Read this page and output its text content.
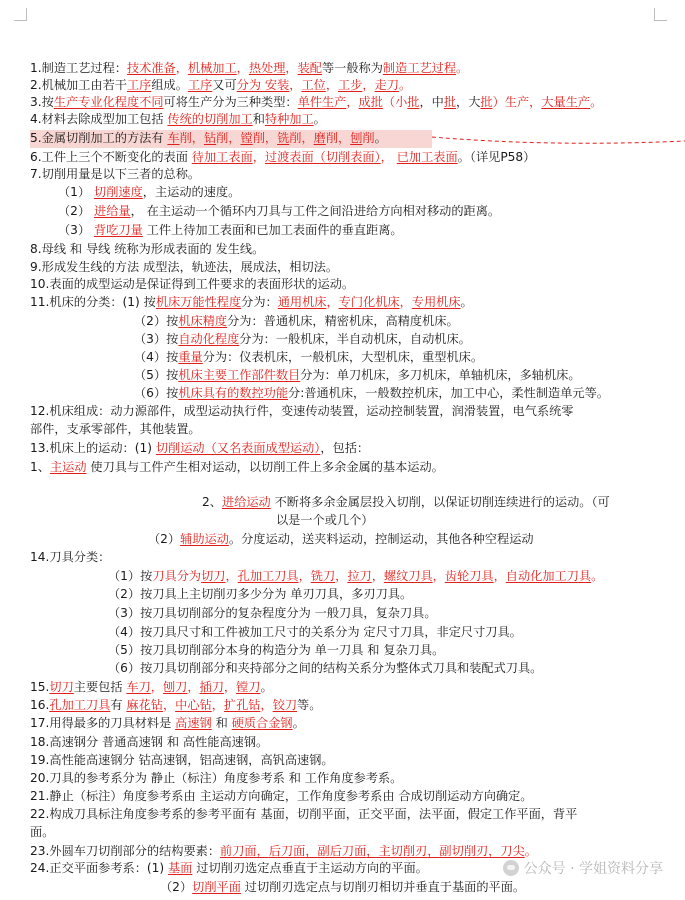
1.制造工艺过程：技术准备，机械加工，热处理，装配等一般称为制造工艺过程。
2.机械加工由若干工序组成。工序又可分为 安装，工位，工步，走刀。
3.按生产专业化程度不同可将生产分为三种类型：单件生产，成批（小批，中批，大批）生产，大量生产。
4.材料去除成型加工包括 传统的切削加工和特种加工。
5.金属切削加工的方法有 车削，钻削，镗削，铣削，磨削，刨削。
6.工件上三个不断变化的表面 待加工表面，过渡表面（切削表面）， 已加工表面。（详见P58）
7.切削用量是以下三者的总称。
（1） 切削速度，主运动的速度。
（2） 进给量， 在主运动一个循环内刀具与工件之间沿进给方向相对移动的距离。
（3） 背吃刀量 工件上待加工表面和已加工表面件的垂直距离。
8.母线 和 导线 统称为形成表面的 发生线。
9.形成发生线的方法 成型法，轨迹法，展成法，相切法。
10.表面的成型运动是保证得到工件要求的表面形状的运动。
11.机床的分类：(1) 按机床万能性程度分为：通用机床，专门化机床，专用机床。
（2）按机床精度分为：普通机床，精密机床，高精度机床。
（3）按自动化程度分为：一般机床，半自动机床，自动机床。
（4）按重量分为：仪表机床，一般机床，大型机床，重型机床。
（5）按机床主要工作部件数目分为：单刀机床，多刀机床，单轴机床，多轴机床。
（6）按机床具有的数控功能分:普通机床，一般数控机床，加工中心，柔性制造单元等。
12.机床组成：动力源部件，成型运动执行件，变速传动装置，运动控制装置，润滑装置，电气系统零
部件，支承零部件，其他装置。
13.机床上的运动：(1) 切削运动（又名表面成型运动），包括：
1、主运动 使刀具与工件产生相对运动，以切削工件上多余金属的基本运动。
2、进给运动 不断将多余金属层投入切削，以保证切削连续进行的运动。（可
以是一个或几个）
（2）辅助运动。分度运动，送夹料运动，控制运动，其他各种空程运动
14.刀具分类：
（1）按刀具分为切刀，孔加工刀具，铣刀，拉刀，螺纹刀具，齿轮刀具，自动化加工刀具。
（2）按刀具上主切削刃多少分为 单刃刀具，多刃刀具。
（3）按刀具切削部分的复杂程度分为 一般刀具，复杂刀具。
（4）按刀具尺寸和工件被加工尺寸的关系分为 定尺寸刀具，非定尺寸刀具。
（5）按刀具切削部分本身的构造分为 单一刀具 和 复杂刀具。
（6）按刀具切削部分和夹持部分之间的结构关系分为整体式刀具和装配式刀具。
15.切刀主要包括 车刀，刨刀，插刀，镗刀。
16.孔加工刀具有 麻花钻，中心钻，扩孔钻，铰刀等。
17.用得最多的刀具材料是 高速钢 和 硬质合金钢。
18.高速钢分 普通高速钢 和 高性能高速钢。
19.高性能高速钢分 钴高速钢，铝高速钢，高钒高速钢。
20.刀具的参考系分为 静止（标注）角度参考系 和 工作角度参考系。
21.静止（标注）角度参考系由 主运动方向确定，工作角度参考系由 合成切削运动方向确定。
22.构成刀具标注角度参考系的参考平面有 基面，切削平面，正交平面，法平面，假定工作平面，背平
面。
23.外圆车刀切削部分的结构要素：前刀面，后刀面，副后刀面，主切削刃，副切削刃，刀尖。
24.正交平面参考系：(1) 基面 过切削刃选定点垂直于主运动方向的平面。
（2）切削平面 过切削刃选定点与切削刃相切并垂直于基面的平面。
公众号 · 学姐资料分享
